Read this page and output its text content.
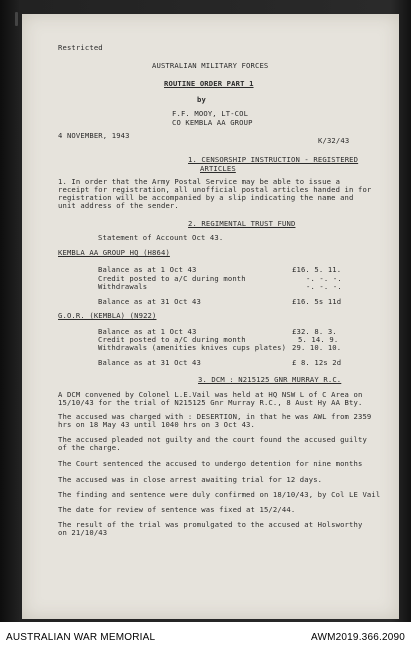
Restricted
AUSTRALIAN MILITARY FORCES
ROUTINE ORDER PART 1
by
F.F. MOOY, LT-COL
CO KEMBLA AA GROUP
4 NOVEMBER, 1943
K/32/43
1. CENSORSHIP INSTRUCTION - REGISTERED
ARTICLES
1. In order that the Army Postal Service may be able to issue a
receipt for registration, all unofficial postal articles handed in for
registration will be accompanied by a slip indicating the name and
unit address of the sender.
2. REGIMENTAL TRUST FUND
Statement of Account Oct 43.
KEMBLA AA GROUP HQ (H864)
Balance as at 1 Oct 43	£16. 5. 11.
Credit posted to a/C during month	-. -. -.
Withdrawals	-. -. -.
Balance as at 31 Oct 43	£16. 5s 11d
G.O.R. (KEMBLA) (N922)
Balance as at 1 Oct 43	£32. 8. 3.
Credit posted to a/C during month	5. 14. 9.
Withdrawals (amenities knives cups plates) 29. 10. 10.
Balance as at 31 Oct 43	£ 8. 12s 2d
3. DCM : N215125 GNR MURRAY R.C.
A DCM convened by Colonel L.E.Vail was held at HQ NSW L of C Area on
15/10/43 for the trial of N215125 Gnr Murray R.C., 8 Aust Hy AA Bty.
The accused was charged with : DESERTION, in that he was AWL from 2359
hrs on 18 May 43 until 1040 hrs on 3 Oct 43.
The accused pleaded not guilty and the court found the accused guilty
of the charge.
The Court sentenced the accused to undergo detention for nine months
The accused was in close arrest awaiting trial for 12 days.
The finding and sentence were duly confirmed on 18/10/43, by Col LE Vail
The date for review of sentence was fixed at 15/2/44.
The result of the trial was promulgated to the accused at Holsworthy
on 21/10/43
AUSTRALIAN WAR MEMORIAL	AWM2019.366.2090
